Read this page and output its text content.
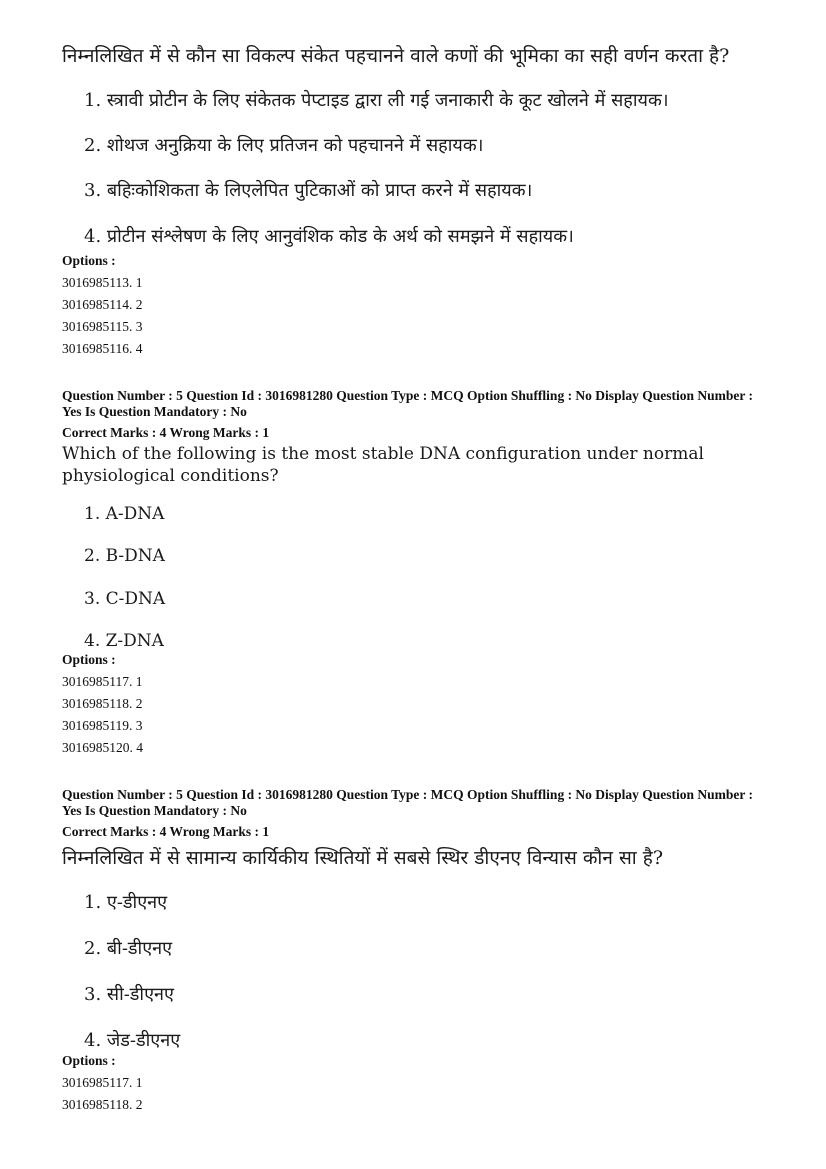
निम्नलिखित में से कौन सा विकल्प संकेत पहचानने वाले कणों की भूमिका का सही वर्णन करता है?
1. स्त्रावी प्रोटीन के लिए संकेतक पेप्टाइड द्वारा ली गई जनाकारी के कूट खोलने में सहायक।
2. शोथज अनुक्रिया के लिए प्रतिजन को पहचानने में सहायक।
3. बहिःकोशिकता के लिएलेपित पुटिकाओं को प्राप्त करने में सहायक।
4. प्रोटीन संश्लेषण के लिए आनुवंशिक कोड के अर्थ को समझने में सहायक।
Options :
3016985113. 1
3016985114. 2
3016985115. 3
3016985116. 4
Question Number : 5 Question Id : 3016981280 Question Type : MCQ Option Shuffling : No Display Question Number : Yes Is Question Mandatory : No
Correct Marks : 4 Wrong Marks : 1
Which of the following is the most stable DNA configuration under normal physiological conditions?
1. A-DNA
2. B-DNA
3. C-DNA
4. Z-DNA
Options :
3016985117. 1
3016985118. 2
3016985119. 3
3016985120. 4
Question Number : 5 Question Id : 3016981280 Question Type : MCQ Option Shuffling : No Display Question Number : Yes Is Question Mandatory : No
Correct Marks : 4 Wrong Marks : 1
निम्नलिखित में से सामान्य कार्यिकीय स्थितियों में सबसे स्थिर डीएनए विन्यास कौन सा है?
1. ए-डीएनए
2. बी-डीएनए
3. सी-डीएनए
4. जेड-डीएनए
Options :
3016985117. 1
3016985118. 2
